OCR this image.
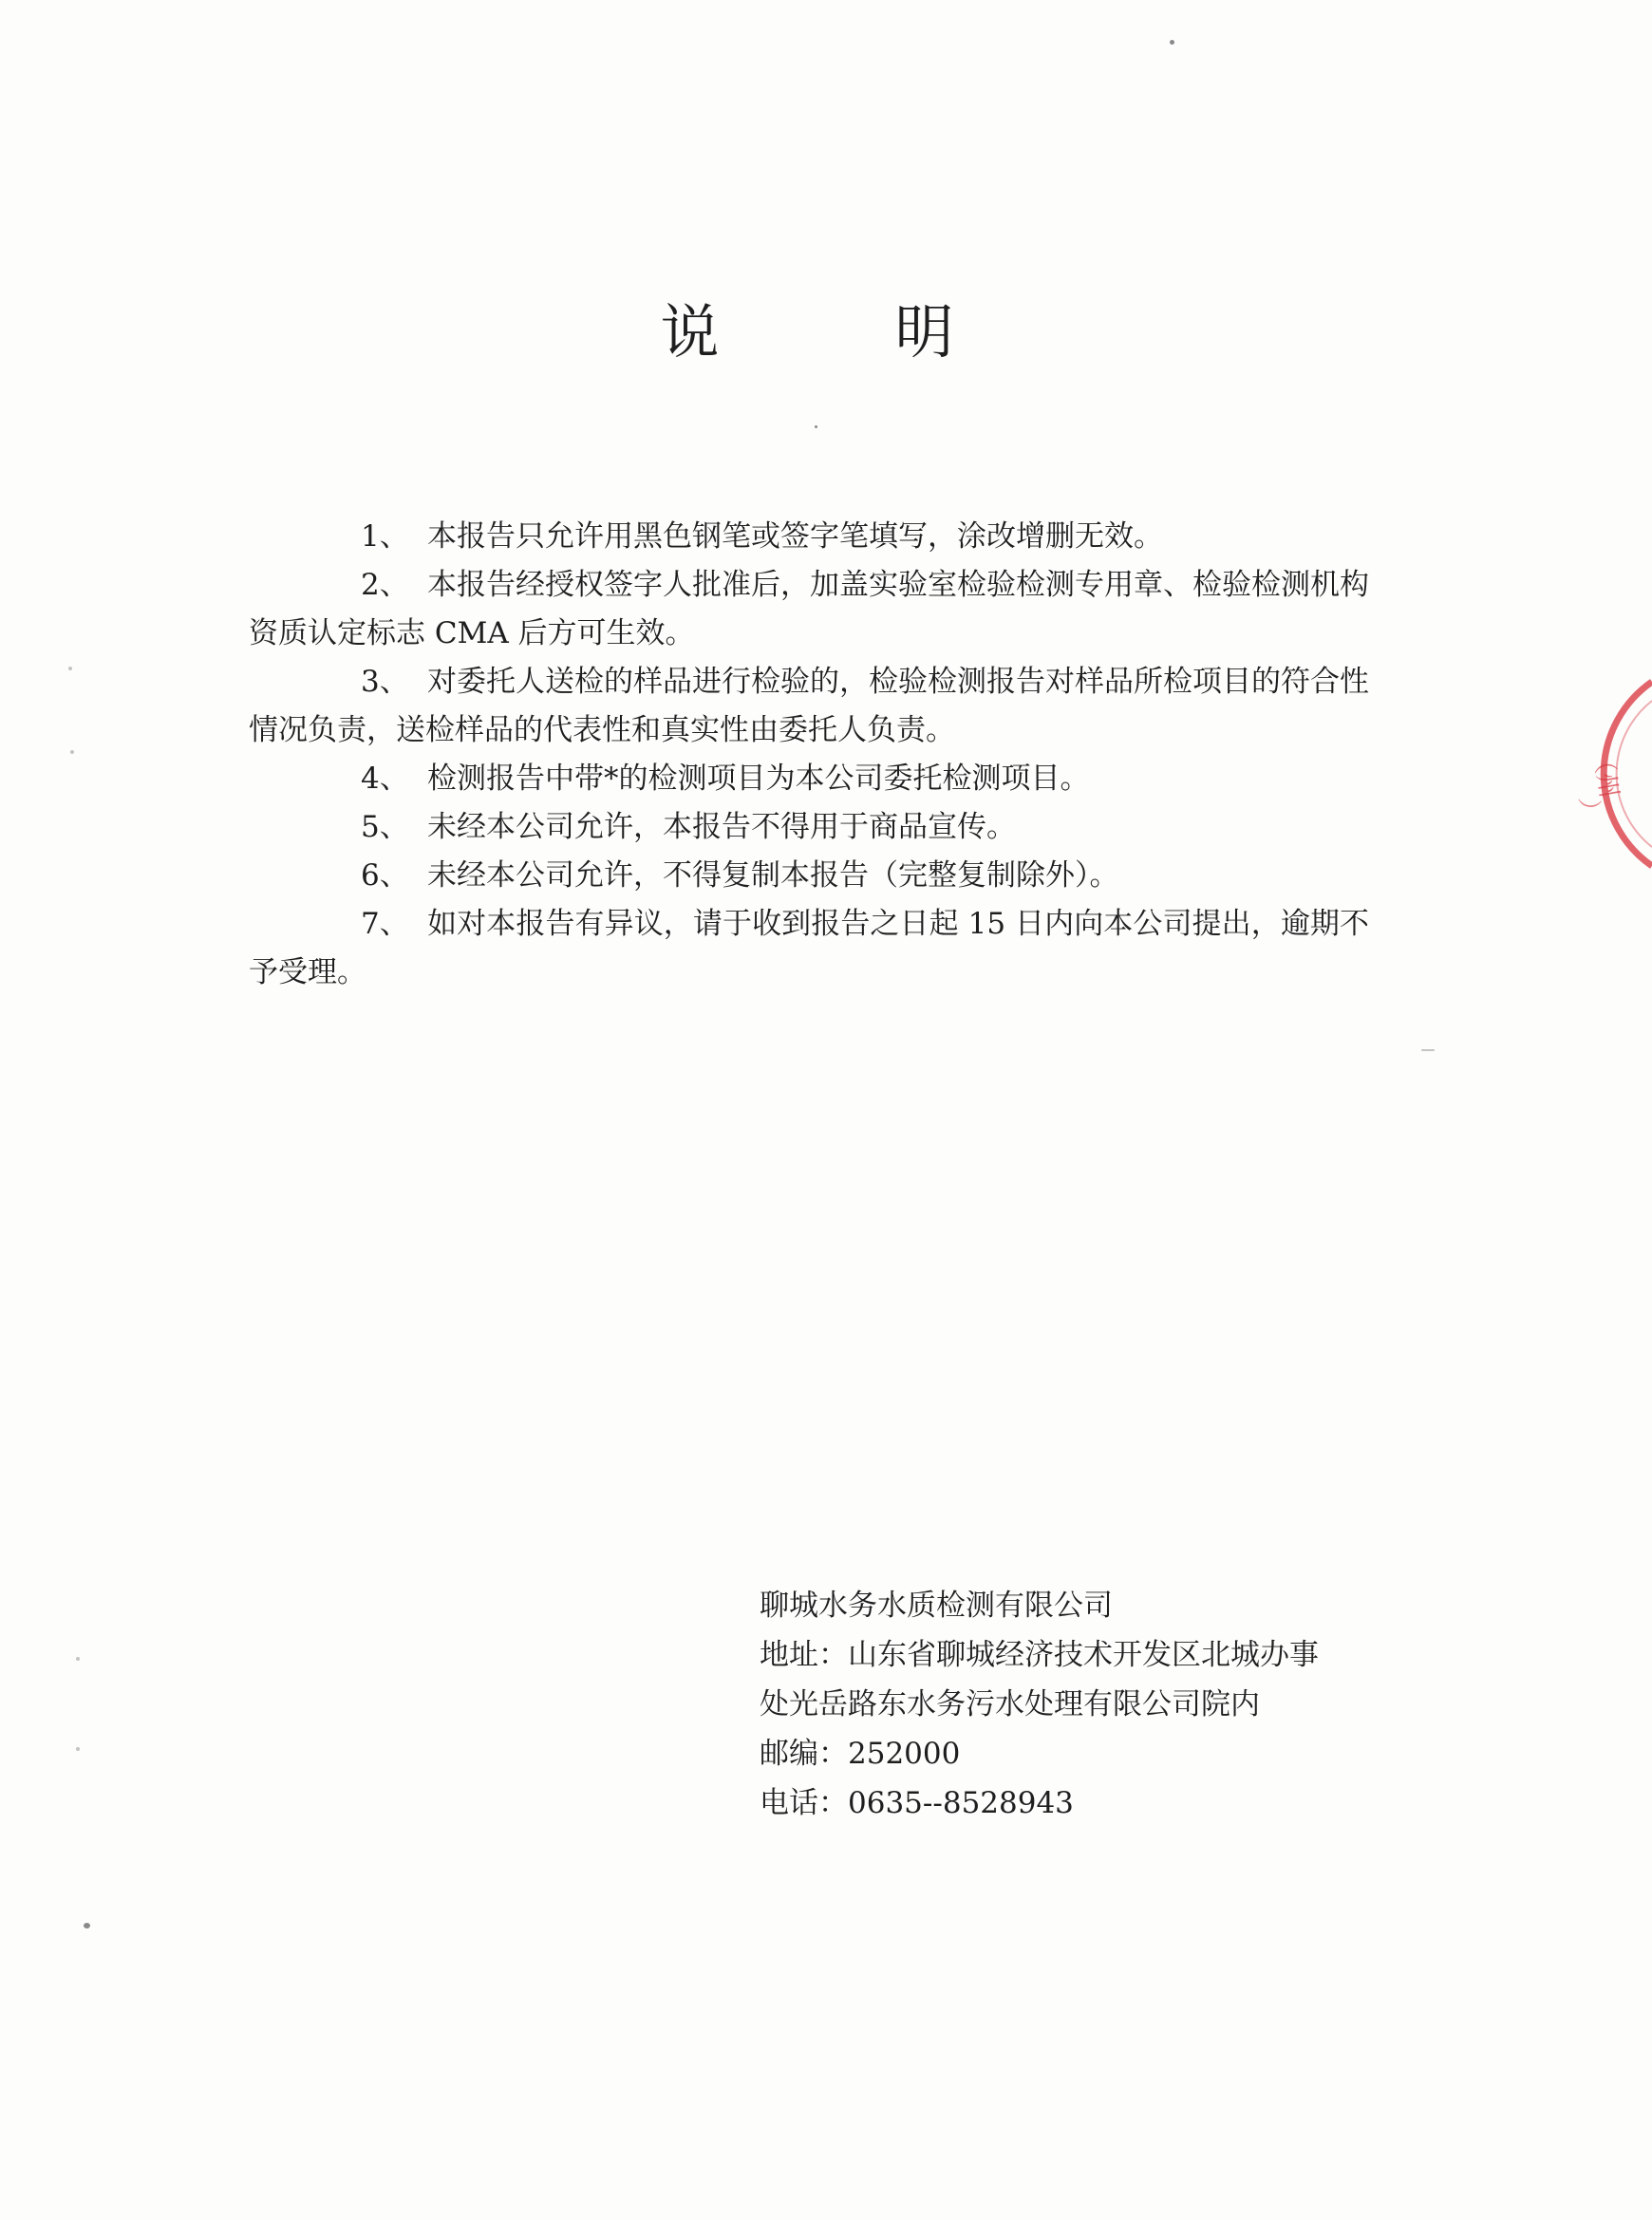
说	明
1、 本报告只允许用黑色钢笔或签字笔填写，涂改增删无效。
2、 本报告经授权签字人批准后，加盖实验室检验检测专用章、检验检测机构资质认定标志 CMA 后方可生效。
3、 对委托人送检的样品进行检验的，检验检测报告对样品所检项目的符合性情况负责，送检样品的代表性和真实性由委托人负责。
4、 检测报告中带*的检测项目为本公司委托检测项目。
5、 未经本公司允许，本报告不得用于商品宣传。
6、 未经本公司允许，不得复制本报告（完整复制除外）。
7、 如对本报告有异议，请于收到报告之日起 15 日内向本公司提出，逾期不予受理。
聊城水务水质检测有限公司
地址：山东省聊城经济技术开发区北城办事
处光岳路东水务污水处理有限公司院内
邮编：252000
电话：0635--8528943
（州
）
